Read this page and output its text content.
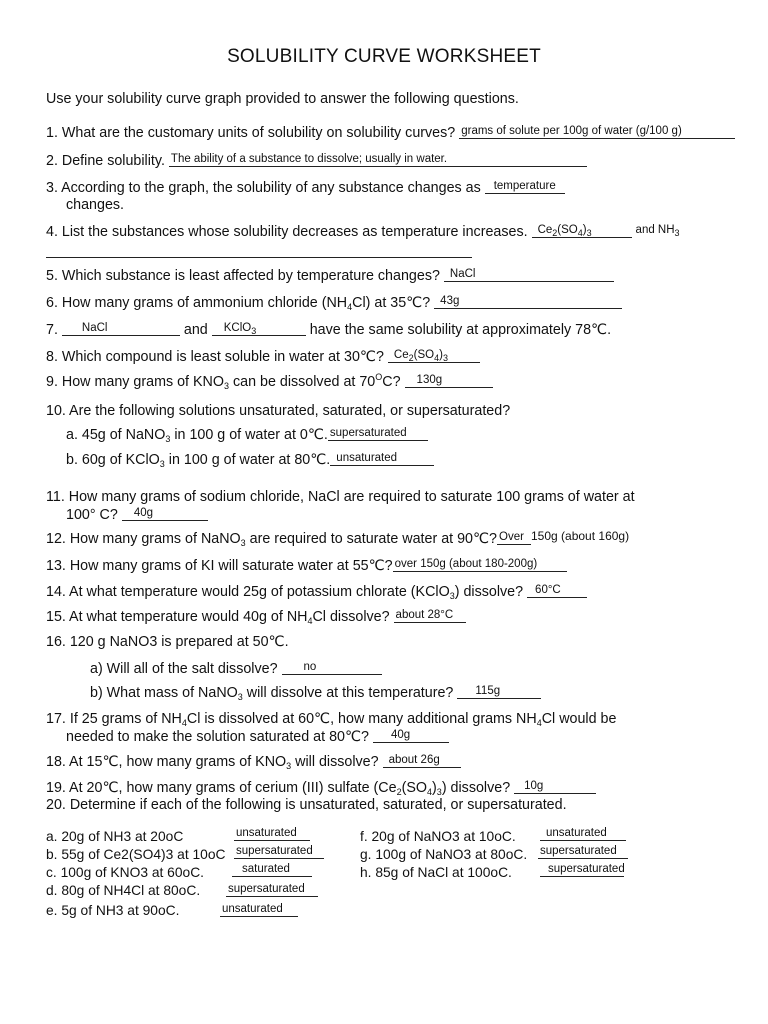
SOLUBILITY CURVE WORKSHEET
Use your solubility curve graph provided to answer the following questions.
1. What are the customary units of solubility on solubility curves? grams of solute per 100g of water (g/100 g)
2. Define solubility. The ability of a substance to dissolve; usually in water.
3. According to the graph, the solubility of any substance changes as temperature
changes.
4. List the substances whose solubility decreases as temperature increases. $Ce_2(SO_4)_3$	$^{and NH_3}$
5. Which substance is least affected by temperature changes? NaCl
6. How many grams of ammonium chloride $(NH_4Cl)$ at 35℃? 43g
7. NaCl	and KClO$_3$	have the same solubility at approximately 78℃.
8. Which compound is least soluble in water at 30℃? $Ce_2(SO_4)_3$
9. How many grams of $KNO_3$ can be dissolved at $70^OC$? 130g
10. Are the following solutions unsaturated, saturated, or supersaturated?
a. 45g of NaNO$_3$ in 100 g of water at 0℃. supersaturated
b. 60g of KClO$_3$ in 100 g of water at 80℃. unsaturated
11. How many grams of sodium chloride, NaCl are required to saturate 100 grams of water at
100° C? 40g
12. How many grams of NaNO$_3$ are required to saturate water at 90℃? Over $^{150g (about 160g)}$
13. How many grams of KI will saturate water at 55℃? over 150g (about 180-200g)
14. At what temperature would 25g of potassium chlorate (KClO$_3$) dissolve? 60°C
15. At what temperature would 40g of $NH_4Cl$ dissolve? about 28°C
16. 120 g NaNO3 is prepared at 50℃.
a) Will all of the salt dissolve? no
b) What mass of NaNO$_3$ will dissolve at this temperature? 115g
17. If 25 grams of $NH_4Cl$ is dissolved at 60℃, how many additional grams $NH_4Cl$ would be
needed to make the solution saturated at 80℃? 40g
18. At 15℃, how many grams of $KNO_3$ will dissolve? about 26g
19. At 20℃, how many grams of cerium (III) sulfate $(Ce_2(SO_4)_3)$ dissolve? 10g
20. Determine if each of the following is unsaturated, saturated, or supersaturated.
a. 20g of NH3 at 20oC	unsaturated
b. 55g of Ce2(SO4)3 at 10oC supersaturated
c. 100g of KNO3 at 60oC.	saturated
d. 80g of NH4Cl at 80oC. supersaturated
e. 5g of NH3 at 90oC.	unsaturated
f. 20g of NaNO3 at 10oC.	unsaturated
g. 100g of NaNO3 at 80oC. supersaturated
h. 85g of NaCl at 100oC.	supersaturated
